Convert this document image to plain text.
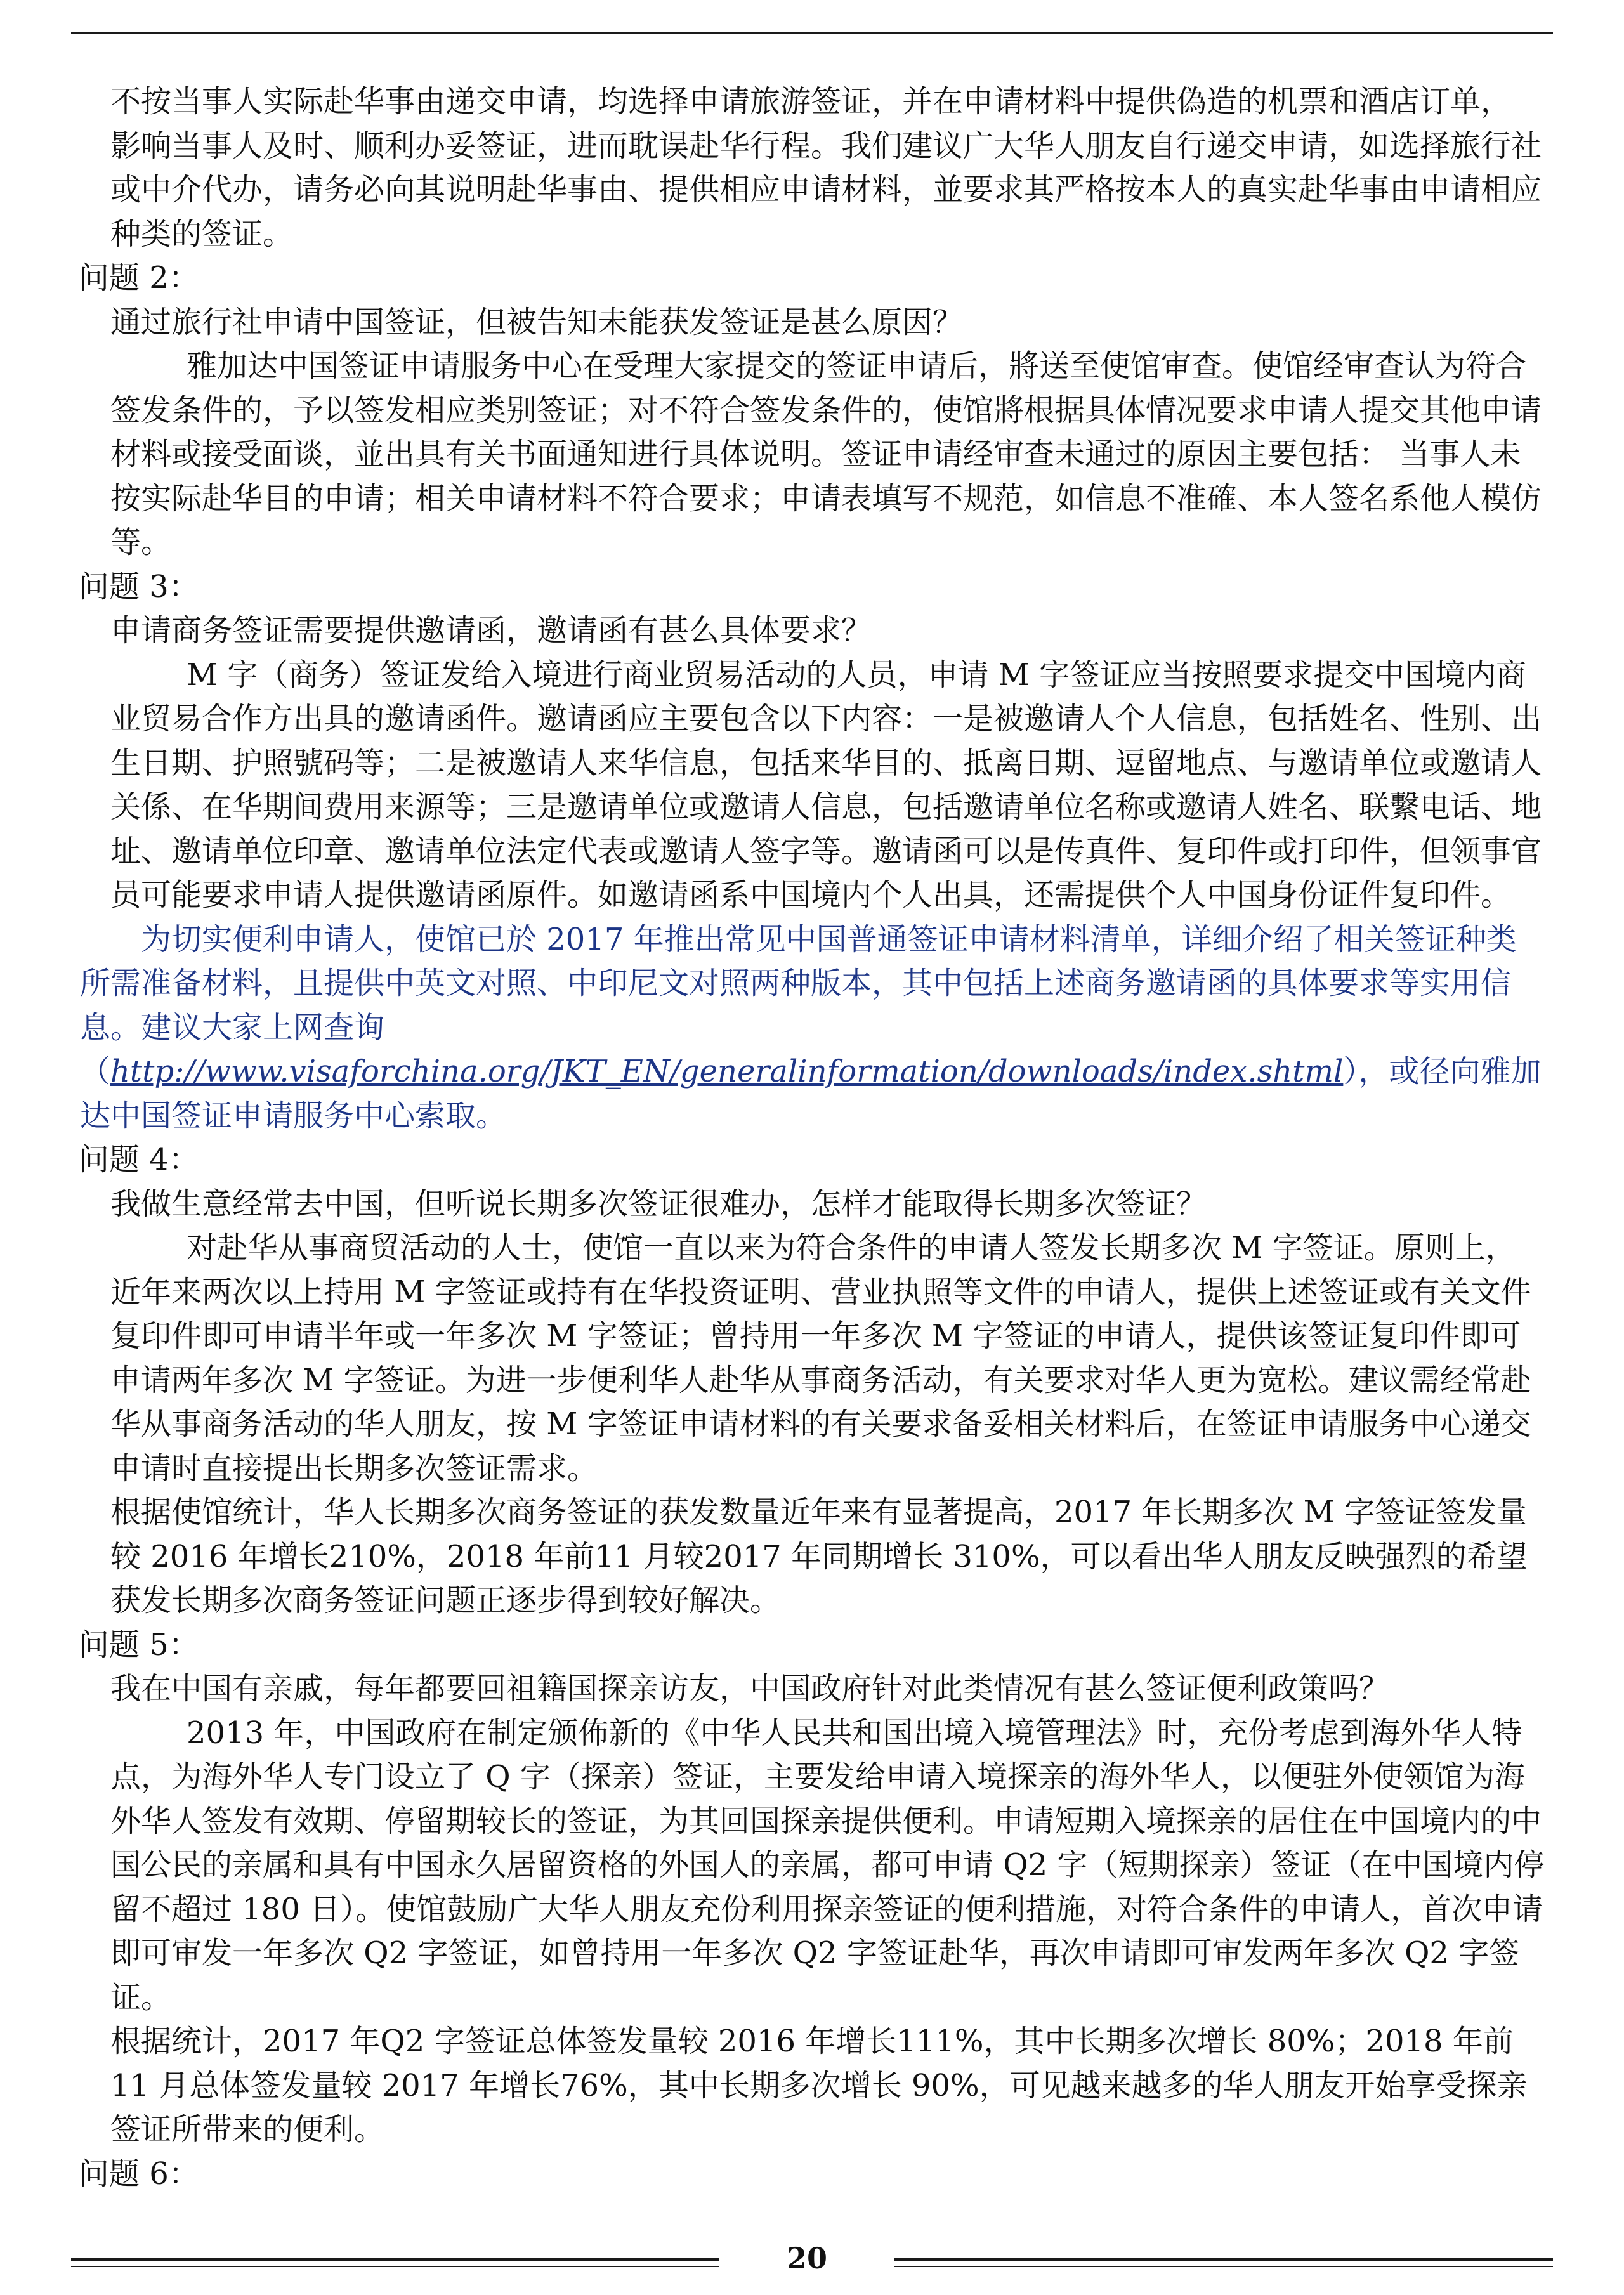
不按当事人实际赴华事由递交申请，均选择申请旅游签证，并在申请材料中提供偽造的机票和酒店订单， 影响当事人及时、顺利办妥签证，进而耽误赴华行程。我们建议广大华人朋友自行递交申请，如选择旅行社或中介代办，请务必向其说明赴华事由、提供相应申请材料，並要求其严格按本人的真实赴华事由申请相应种类的签证。

问题 2：

通过旅行社申请中国签证，但被告知未能获发签证是甚么原因？

雅加达中国签证申请服务中心在受理大家提交的签证申请后，將送至使馆审查。使馆经审查认为符合签发条件的，予以签发相应类别签证；对不符合签发条件的，使馆將根据具体情况要求申请人提交其他申请材料或接受面谈，並出具有关书面通知进行具体说明。签证申请经审查未通过的原因主要包括： 当事人未按实际赴华目的申请；相关申请材料不符合要求；申请表填写不规范，如信息不准確、本人签名系他人模仿等。

问题 3：

申请商务签证需要提供邀请函，邀请函有甚么具体要求？

M 字（商务）签证发给入境进行商业贸易活动的人员，申请 M 字签证应当按照要求提交中国境内商业贸易合作方出具的邀请函件。邀请函应主要包含以下内容：一是被邀请人个人信息，包括姓名、性别、出生日期、护照號码等；二是被邀请人来华信息，包括来华目的、抵离日期、逗留地点、与邀请单位或邀请人关係、在华期间费用来源等；三是邀请单位或邀请人信息，包括邀请单位名称或邀请人姓名、联繫电话、地址、邀请单位印章、邀请单位法定代表或邀请人签字等。邀请函可以是传真件、复印件或打印件，但领事官员可能要求申请人提供邀请函原件。如邀请函系中国境内个人出具，还需提供个人中国身份证件复印件。

为切实便利申请人，使馆已於 2017 年推出常见中国普通签证申请材料清单，详细介绍了相关签证种类所需准备材料，且提供中英文对照、中印尼文对照两种版本，其中包括上述商务邀请函的具体要求等实用信息。建议大家上网查询（http://www.visaforchina.org/JKT_EN/generalinformation/downloads/index.shtml），或径向雅加达中国签证申请服务中心索取。

问题 4：

我做生意经常去中国，但听说长期多次签证很难办，怎样才能取得长期多次签证？

对赴华从事商贸活动的人士，使馆一直以来为符合条件的申请人签发长期多次 M 字签证。原则上，近年来两次以上持用 M 字签证或持有在华投资证明、营业执照等文件的申请人，提供上述签证或有关文件复印件即可申请半年或一年多次 M 字签证；曾持用一年多次 M 字签证的申请人，提供该签证复印件即可申请两年多次 M 字签证。为进一步便利华人赴华从事商务活动，有关要求对华人更为宽松。建议需经常赴华从事商务活动的华人朋友，按 M 字签证申请材料的有关要求备妥相关材料后，在签证申请服务中心递交申请时直接提出长期多次签证需求。

根据使馆统计，华人长期多次商务签证的获发数量近年来有显著提高，2017 年长期多次 M 字签证签发量较 2016 年增长210%，2018 年前11 月较2017 年同期增长 310%，可以看出华人朋友反映强烈的希望获发长期多次商务签证问题正逐步得到较好解决。

问题 5：

我在中国有亲戚，每年都要回祖籍国探亲访友，中国政府针对此类情况有甚么签证便利政策吗？

2013 年，中国政府在制定颁佈新的《中华人民共和国出境入境管理法》时，充份考虑到海外华人特点，为海外华人专门设立了 Q 字（探亲）签证，主要发给申请入境探亲的海外华人，以便驻外使领馆为海外华人签发有效期、停留期较长的签证，为其回国探亲提供便利。申请短期入境探亲的居住在中国境内的中国公民的亲属和具有中国永久居留资格的外国人的亲属，都可申请 Q2 字（短期探亲）签证（在中国境内停留不超过 180 日）。使馆鼓励广大华人朋友充份利用探亲签证的便利措施，对符合条件的申请人，首次申请即可审发一年多次 Q2 字签证，如曾持用一年多次 Q2 字签证赴华，再次申请即可审发两年多次 Q2 字签证。

根据统计，2017 年Q2 字签证总体签发量较 2016 年增长111%，其中长期多次增长 80%；2018 年前11 月总体签发量较 2017 年增长76%，其中长期多次增长 90%，可见越来越多的华人朋友开始享受探亲签证所带来的便利。

问题 6：

20
